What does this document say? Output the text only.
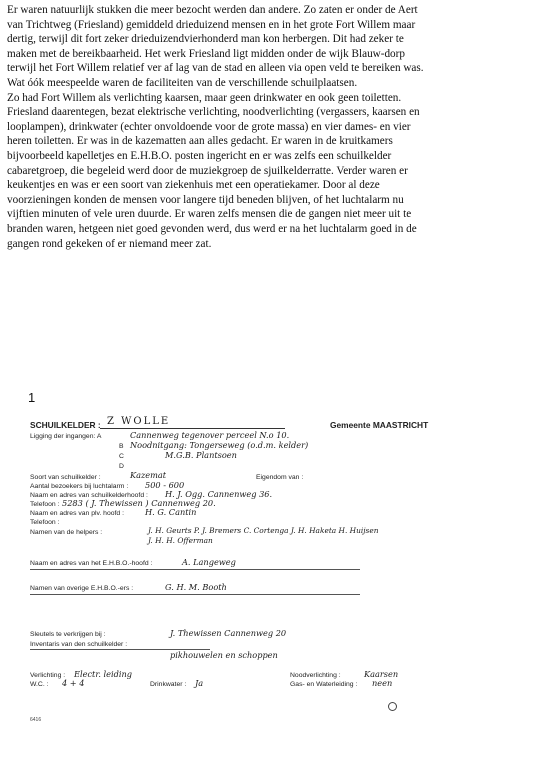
Er waren natuurlijk stukken die meer bezocht werden dan andere. Zo zaten er onder de Aert
van Trichtweg (Friesland) gemiddeld drieduizend mensen en in het grote Fort Willem maar
dertig, terwijl dit fort zeker drieduizendvierhonderd man kon herbergen. Dit had zeker te
maken met de bereikbaarheid. Het werk Friesland ligt midden onder de wijk Blauw-dorp
terwijl het Fort Willem relatief ver af lag van de stad en alleen via open veld te bereiken was.
Wat óók meespeelde waren de faciliteiten van de verschillende schuilplaatsen.
Zo had Fort Willem als verlichting kaarsen, maar geen drinkwater en ook geen toiletten.
Friesland daarentegen, bezat elektrische verlichting, noodverlichting (vergassers, kaarsen en
looplampen), drinkwater (echter onvoldoende voor de grote massa) en vier dames- en vier
heren toiletten. Er was in de kazematten aan alles gedacht. Er waren in de kruitkamers
bijvoorbeeld kapelletjes en E.H.B.O. posten ingericht en er was zelfs een schuilkelder
cabaretgroep, die begeleid werd door de muziekgroep de sjuilkelderratte. Verder waren er
keukentjes en was er een soort van ziekenhuis met een operatiekamer. Door al deze
voorzieningen konden de mensen voor langere tijd beneden blijven, of het luchtalarm nu
vijftien minuten of vele uren duurde. Er waren zelfs mensen die de gangen niet meer uit te
branden waren, hetgeen niet goed gevonden werd, dus werd er na het luchtalarm goed in de
gangen rond gekeken of er niemand meer zat.
1
SCHUILKELDER : Z WOLLE	Gemeente MAASTRICHT
Ligging der ingangen: A	Cannenweg tegenover perceel N.o 10.
B Noodnitgang: Tongerseweg (o.d.m. kelder)
C	M.G.B. Plantsoen
D
Soort van schuilkelder :	Kazemat	Eigendom van :
Aantal bezoekers bij luchtalarm : 500 - 600
Naam en adres van schuilkelderhoofd : H. J. Ogg. Cannenweg 36.
Telefoon : 5283 ( J. Thewissen ) Cannenweg 20.
Naam en adres van plv. hoofd :	H. G. Cantin
Telefoon :
Namen van de helpers :	J. H. Geurts P. J. Bremers C. Cortenga J. H. Haketa H. Huijsen
J. H. H. Offerman
Naam en adres van het E.H.B.O.-hoofd :	A. Langeweg
Namen van overige E.H.B.O.-ers :	G. H. M. Booth
Sleutels te verkrijgen bij :	J. Thewissen Cannenweg 20
Inventaris van den schuilkelder :
pikhouwelen en schoppen
Verlichting : Electr. leiding	Noodverlichting :	Kaarsen
W.C. : 4 + 4	Drinkwater : Ja	Gas- en Waterleiding : neen
6416
